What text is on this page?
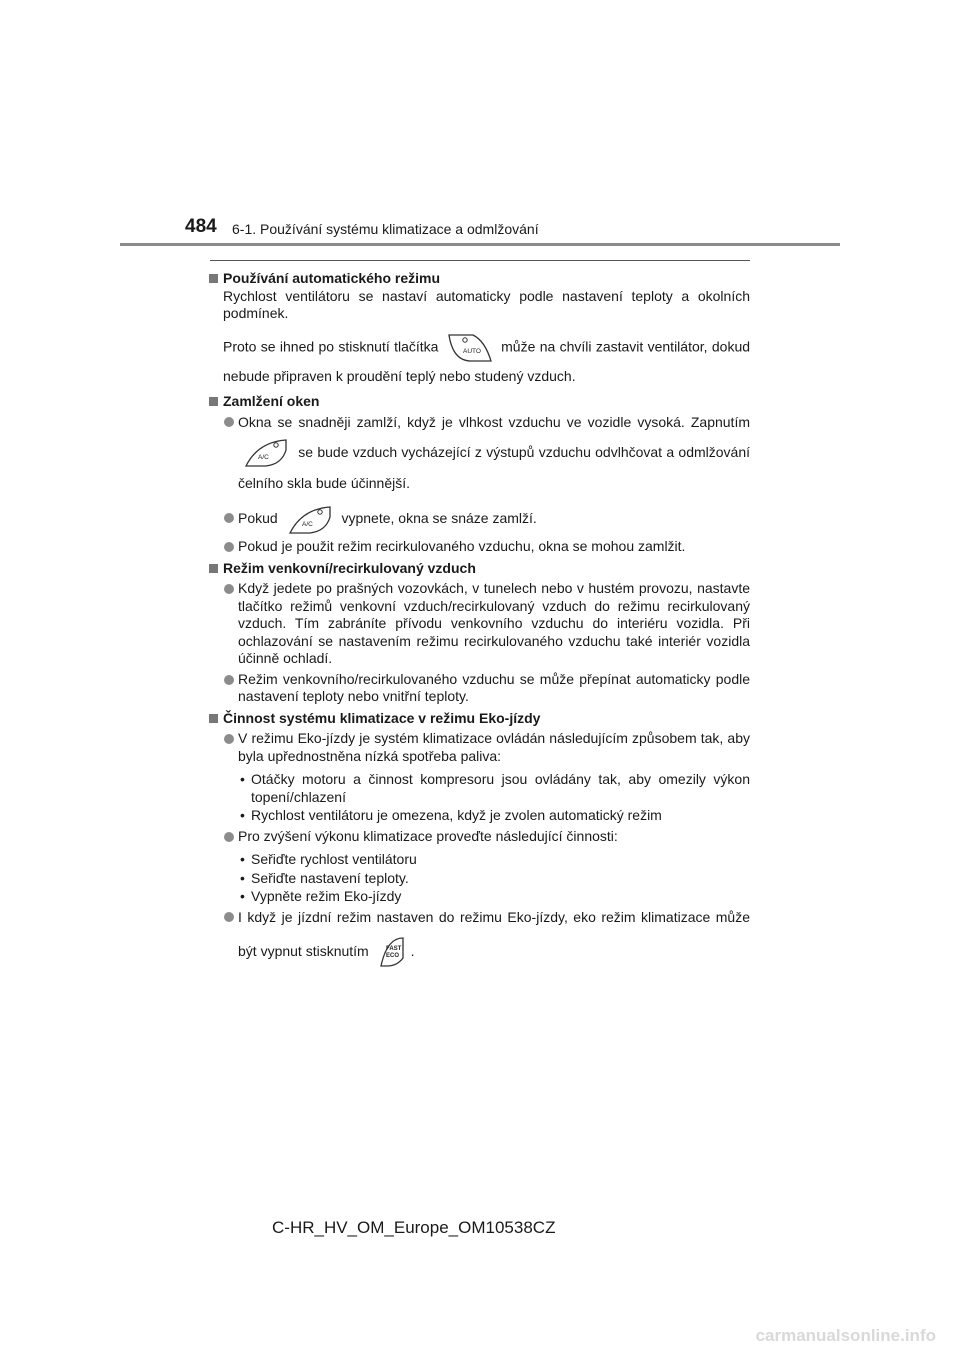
484 6-1. Používání systému klimatizace a odmlžování
Používání automatického režimu
Rychlost ventilátoru se nastaví automaticky podle nastavení teploty a okolních podmínek.
Proto se ihned po stisknutí tlačítka	AUTO může na chvíli zastavit ventilátor, dokud nebude připraven k proudění teplý nebo studený vzduch.
Zamlžení oken
Okna se snadněji zamlží, když je vlhkost vzduchu ve vozidle vysoká. Zapnutím
A/C se bude vzduch vycházející z výstupů vzduchu odvlhčovat a odmlžování čelního skla bude účinnější.
Pokud	A/C vypnete, okna se snáze zamlží.
Pokud je použit režim recirkulovaného vzduchu, okna se mohou zamlžit.
Režim venkovní/recirkulovaný vzduch
Když jedete po prašných vozovkách, v tunelech nebo v hustém provozu, nastavte tlačítko režimů venkovní vzduch/recirkulovaný vzduch do režimu recirkulovaný vzduch. Tím zabráníte přívodu venkovního vzduchu do interiéru vozidla. Při ochlazování se nastavením režimu recirkulovaného vzduchu také interiér vozidla účinně ochladí.
Režim venkovního/recirkulovaného vzduchu se může přepínat automaticky podle nastavení teploty nebo vnitřní teploty.
Činnost systému klimatizace v režimu Eko-jízdy
V režimu Eko-jízdy je systém klimatizace ovládán následujícím způsobem tak, aby byla upřednostněna nízká spotřeba paliva:
• Otáčky motoru a činnost kompresoru jsou ovládány tak, aby omezily výkon topení/chlazení
• Rychlost ventilátoru je omezena, když je zvolen automatický režim
Pro zvýšení výkonu klimatizace proveďte následující činnosti:
• Seřiďte rychlost ventilátoru
• Seřiďte nastavení teploty.
• Vypněte režim Eko-jízdy
I když je jízdní režim nastaven do režimu Eko-jízdy, eko režim klimatizace může být vypnut stisknutím	FAST
ECO .
C-HR_HV_OM_Europe_OM10538CZ
carmanualsonline.info
